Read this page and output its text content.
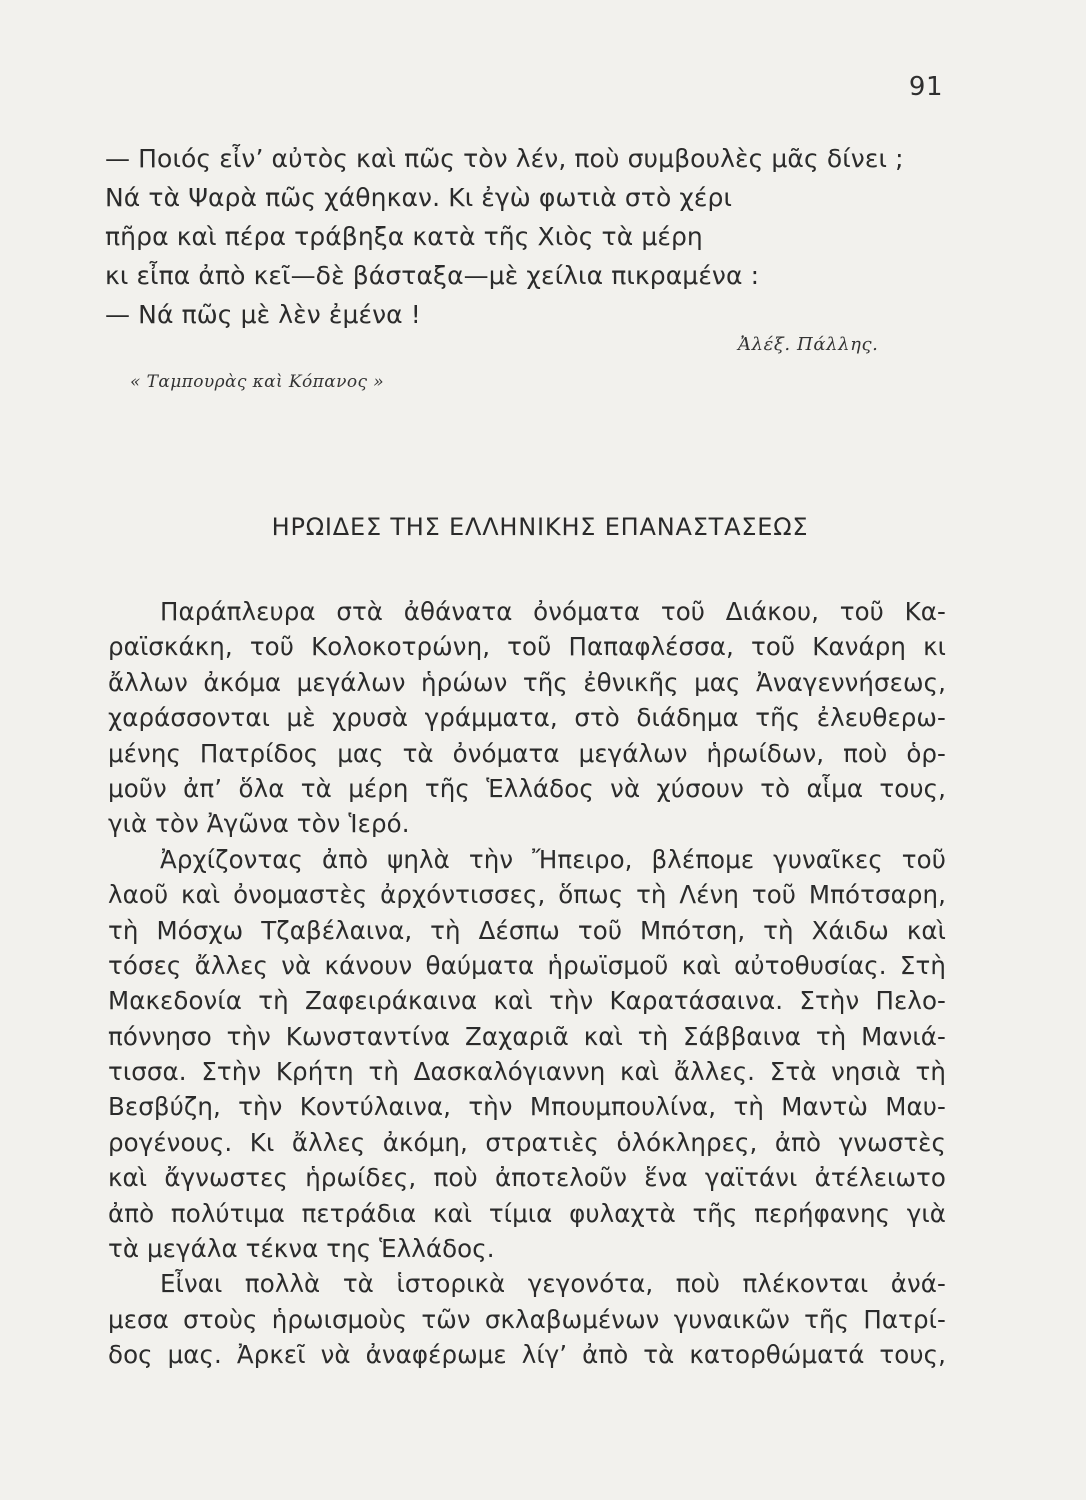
91
— Ποιός εἶν’ αὐτὸς καὶ πῶς τὸν λέν, ποὺ συμβουλὲς μᾶς δίνει ;
Νά τὰ Ψαρὰ πῶς χάθηκαν. Κι ἐγὼ φωτιὰ στὸ χέρι
πῆρα καὶ πέρα τράβηξα κατὰ τῆς Χιὸς τὰ μέρη
κι εἶπα ἀπὸ κεῖ—δὲ βάσταξα—μὲ χείλια πικραμένα :
— Νά πῶς μὲ λὲν ἐμένα !
Ἀλέξ. Πάλλης.
« Ταμπουρὰς καὶ Κόπανος »
ΗΡΩΙΔΕΣ ΤΗΣ ΕΛΛΗΝΙΚΗΣ ΕΠΑΝΑΣΤΑΣΕΩΣ
Παράπλευρα στὰ ἀθάνατα ὀνόματα τοῦ Διάκου, τοῦ Κα-
ραϊσκάκη, τοῦ Κολοκοτρώνη, τοῦ Παπαφλέσσα, τοῦ Κανάρη κι
ἄλλων ἀκόμα μεγάλων ἡρώων τῆς ἐθνικῆς μας Ἀναγεννήσεως,
χαράσσονται μὲ χρυσὰ γράμματα, στὸ διάδημα τῆς ἐλευθερω-
μένης Πατρίδος μας τὰ ὀνόματα μεγάλων ἡρωίδων, ποὺ ὁρ-
μοῦν ἀπ’ ὅλα τὰ μέρη τῆς Ἑλλάδος νὰ χύσουν τὸ αἷμα τους,
γιὰ τὸν Ἀγῶνα τὸν Ἱερό.
Ἀρχίζοντας ἀπὸ ψηλὰ τὴν Ἤπειρο, βλέπομε γυναῖκες τοῦ
λαοῦ καὶ ὀνομαστὲς ἀρχόντισσες, ὅπως τὴ Λένη τοῦ Μπότσαρη,
τὴ Μόσχω Τζαβέλαινα, τὴ Δέσπω τοῦ Μπότση, τὴ Χάιδω καὶ
τόσες ἄλλες νὰ κάνουν θαύματα ἡρωϊσμοῦ καὶ αὐτοθυσίας. Στὴ
Μακεδονία τὴ Ζαφειράκαινα καὶ τὴν Καρατάσαινα. Στὴν Πελο-
πόννησο τὴν Κωνσταντίνα Ζαχαριᾶ καὶ τὴ Σάββαινα τὴ Μανιά-
τισσα. Στὴν Κρήτη τὴ Δασκαλόγιαννη καὶ ἄλλες. Στὰ νησιὰ τὴ
Βεσβύζη, τὴν Κοντύλαινα, τὴν Μπουμπουλίνα, τὴ Μαντὼ Μαυ-
ρογένους. Κι ἄλλες ἀκόμη, στρατιὲς ὁλόκληρες, ἀπὸ γνωστὲς
καὶ ἄγνωστες ἡρωίδες, ποὺ ἀποτελοῦν ἕνα γαϊτάνι ἀτέλειωτο
ἀπὸ πολύτιμα πετράδια καὶ τίμια φυλαχτὰ τῆς περήφανης γιὰ
τὰ μεγάλα τέκνα της Ἑλλάδος.
Εἶναι πολλὰ τὰ ἱστορικὰ γεγονότα, ποὺ πλέκονται ἀνά-
μεσα στοὺς ἡρωισμοὺς τῶν σκλαβωμένων γυναικῶν τῆς Πατρί-
δος μας. Ἀρκεῖ νὰ ἀναφέρωμε λίγ’ ἀπὸ τὰ κατορθώματά τους,
